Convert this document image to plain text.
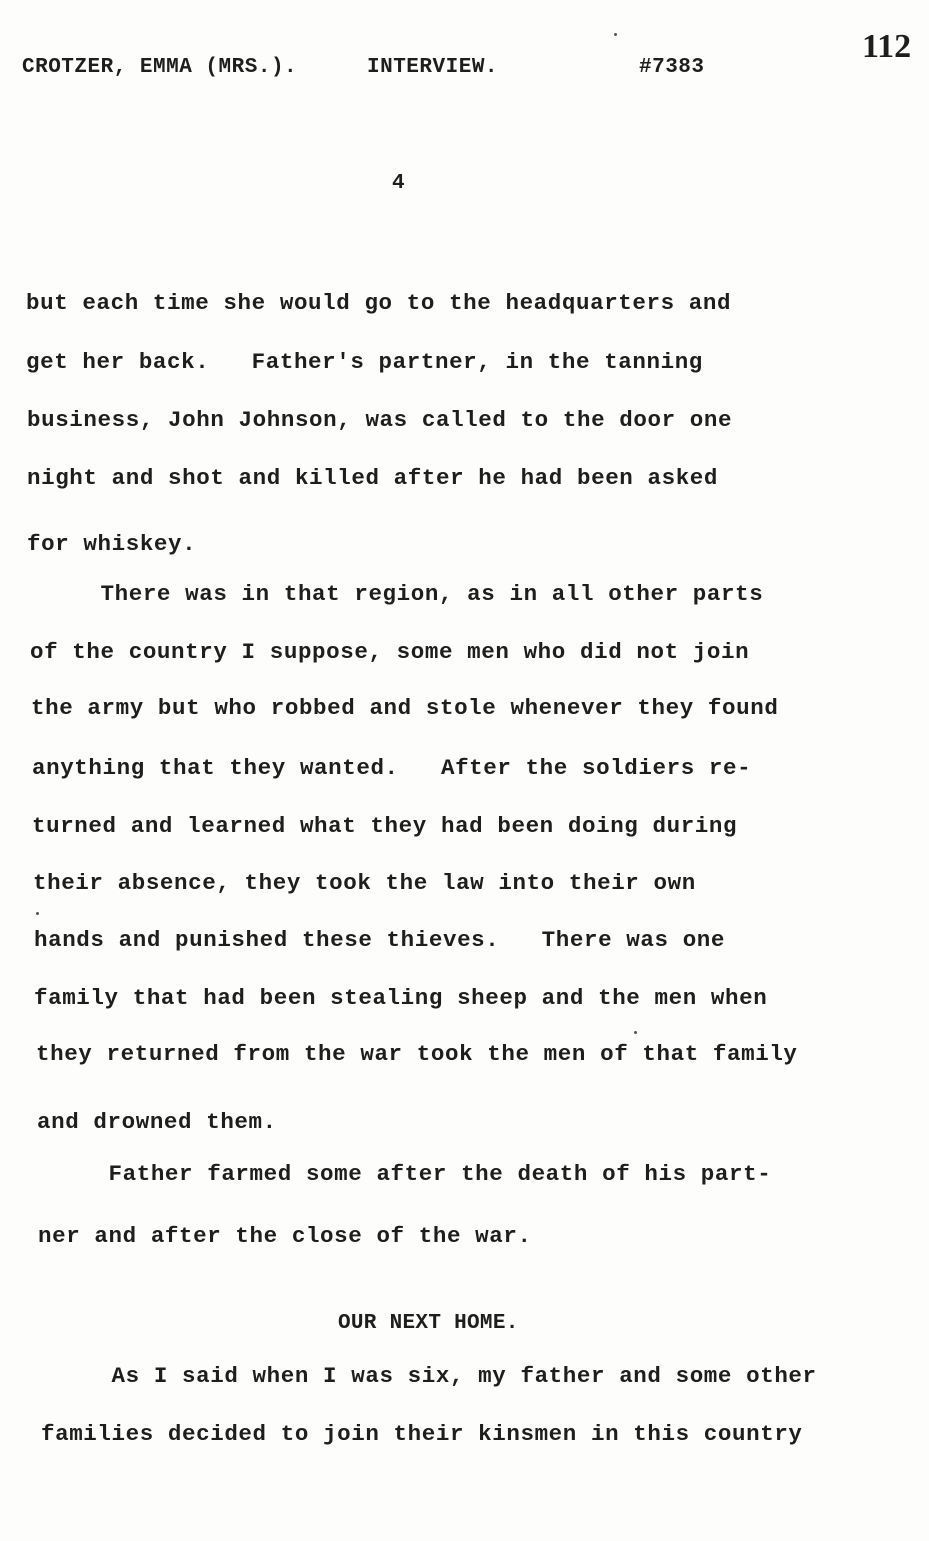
CROTZER, EMMA (MRS.).

	INTERVIEW.

	#7383

112
4
but each time she would go to the headquarters and
get her back.   Father's partner, in the tanning
business, John Johnson, was called to the door one
night and shot and killed after he had been asked
for whiskey.
There was in that region, as in all other parts
of the country I suppose, some men who did not join
the army but who robbed and stole whenever they found
anything that they wanted.   After the soldiers re-
turned and learned what they had been doing during
their absence, they took the law into their own
hands and punished these thieves.   There was one
family that had been stealing sheep and the men when
they returned from the war took the men of that family
and drowned them.
Father farmed some after the death of his part-
ner and after the close of the war.
OUR NEXT HOME.
As I said when I was six, my father and some other
families decided to join their kinsmen in this country
